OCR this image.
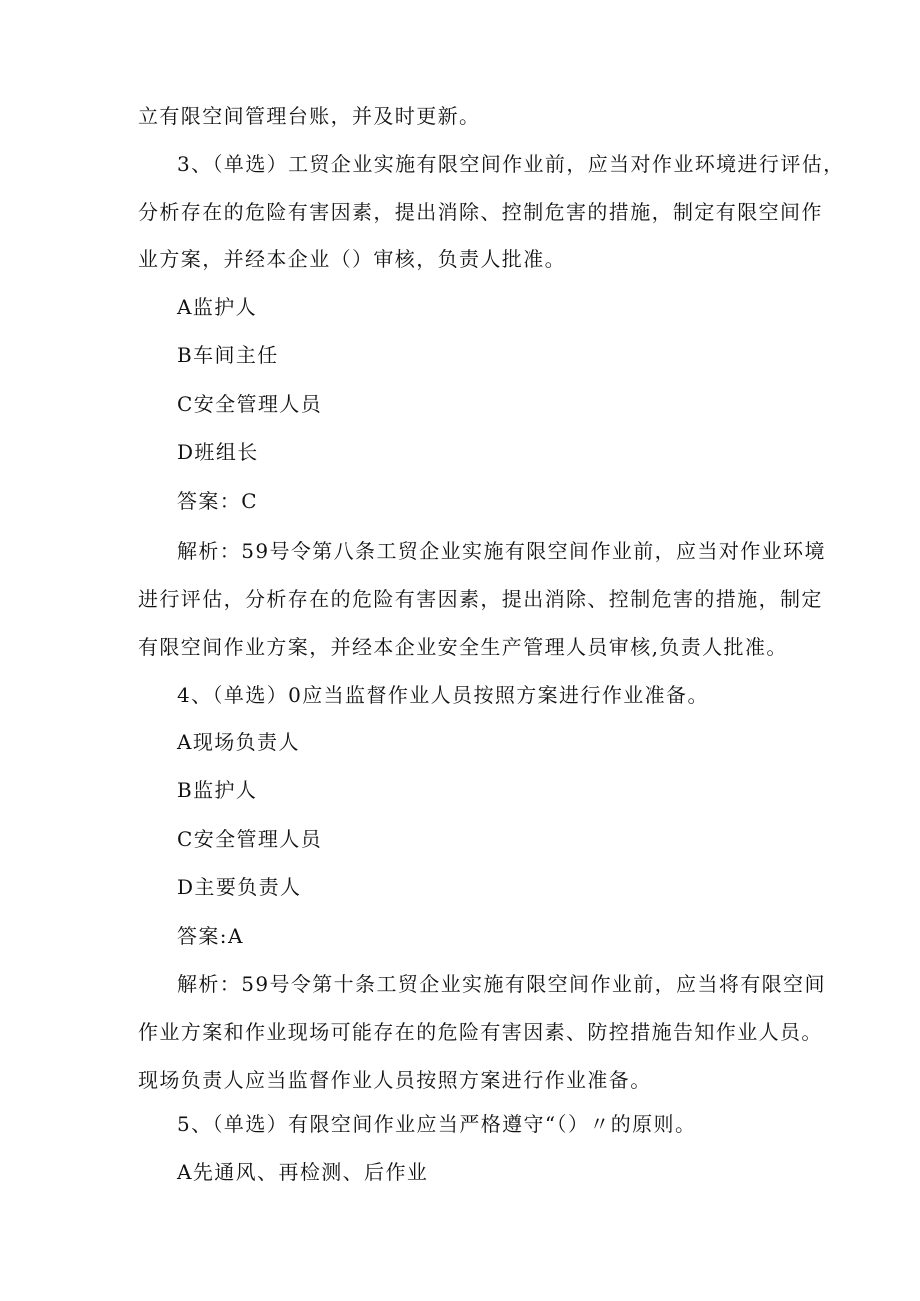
立有限空间管理台账，并及时更新。
3、（单选）工贸企业实施有限空间作业前，应当对作业环境进行评估，
分析存在的危险有害因素，提出消除、控制危害的措施，制定有限空间作
业方案，并经本企业（）审核，负责人批准。
A监护人
B车间主任
C安全管理人员
D班组长
答案：C
解析：59号令第八条工贸企业实施有限空间作业前，应当对作业环境
进行评估，分析存在的危险有害因素，提出消除、控制危害的措施，制定
有限空间作业方案，并经本企业安全生产管理人员审核,负责人批准。
4、（单选）0应当监督作业人员按照方案进行作业准备。
A现场负责人
B监护人
C安全管理人员
D主要负责人
答案:A
解析：59号令第十条工贸企业实施有限空间作业前，应当将有限空间
作业方案和作业现场可能存在的危险有害因素、防控措施告知作业人员。
现场负责人应当监督作业人员按照方案进行作业准备。
5、（单选）有限空间作业应当严格遵守“（）〃的原则。
A先通风、再检测、后作业
